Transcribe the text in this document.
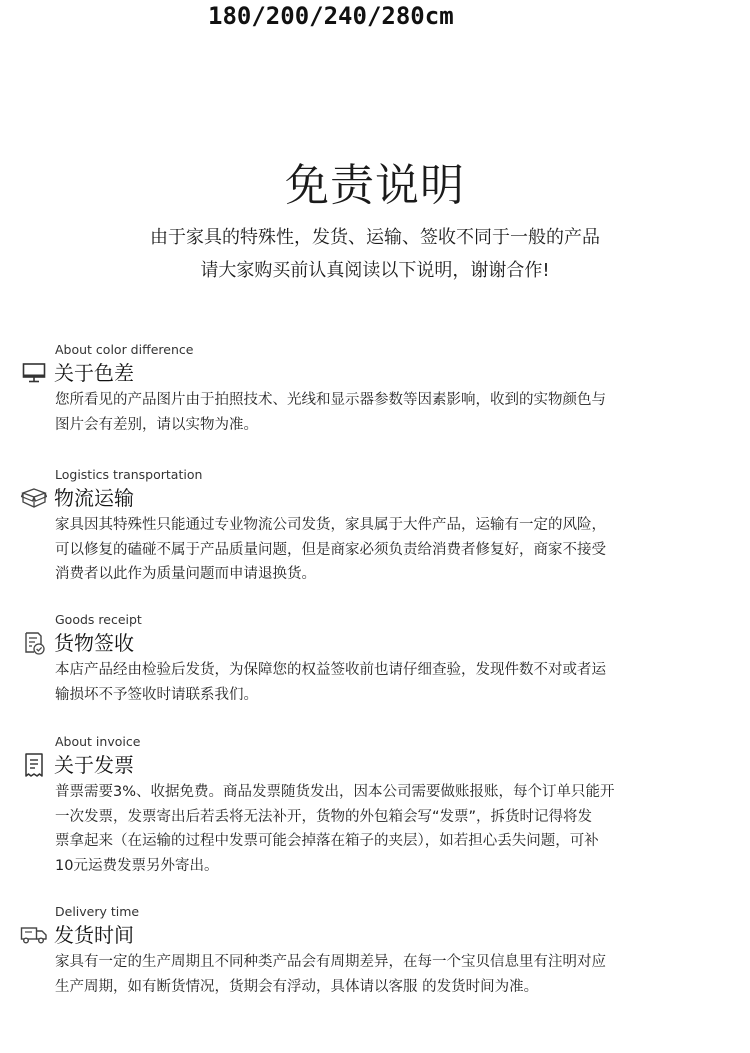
180/200/240/280cm
免责说明
由于家具的特殊性，发货、运输、签收不同于一般的产品
请大家购买前认真阅读以下说明，谢谢合作!
About color difference
关于色差

您所看见的产品图片由于拍照技术、光线和显示器参数等因素影响，收到的实物颜色与

图片会有差别，请以实物为准。

Logistics transportation
物流运输

家具因其特殊性只能通过专业物流公司发货，家具属于大件产品，运输有一定的风险，

可以修复的磕碰不属于产品质量问题，但是商家必须负责给消费者修复好，商家不接受

消费者以此作为质量问题而申请退换货。

Goods receipt
货物签收

本店产品经由检验后发货，为保障您的权益签收前也请仔细查验，发现件数不对或者运

输损坏不予签收时请联系我们。

About invoice
关于发票

普票需要3%、收据免费。商品发票随货发出，因本公司需要做账报账，每个订单只能开

一次发票，发票寄出后若丢将无法补开，货物的外包箱会写“发票”，拆货时记得将发

票拿起来（在运输的过程中发票可能会掉落在箱子的夹层），如若担心丢失问题，可补

10元运费发票另外寄出。

Delivery time
发货时间

家具有一定的生产周期且不同种类产品会有周期差异，在每一个宝贝信息里有注明对应

生产周期，如有断货情况，货期会有浮动，具体请以客服 的发货时间为准。
